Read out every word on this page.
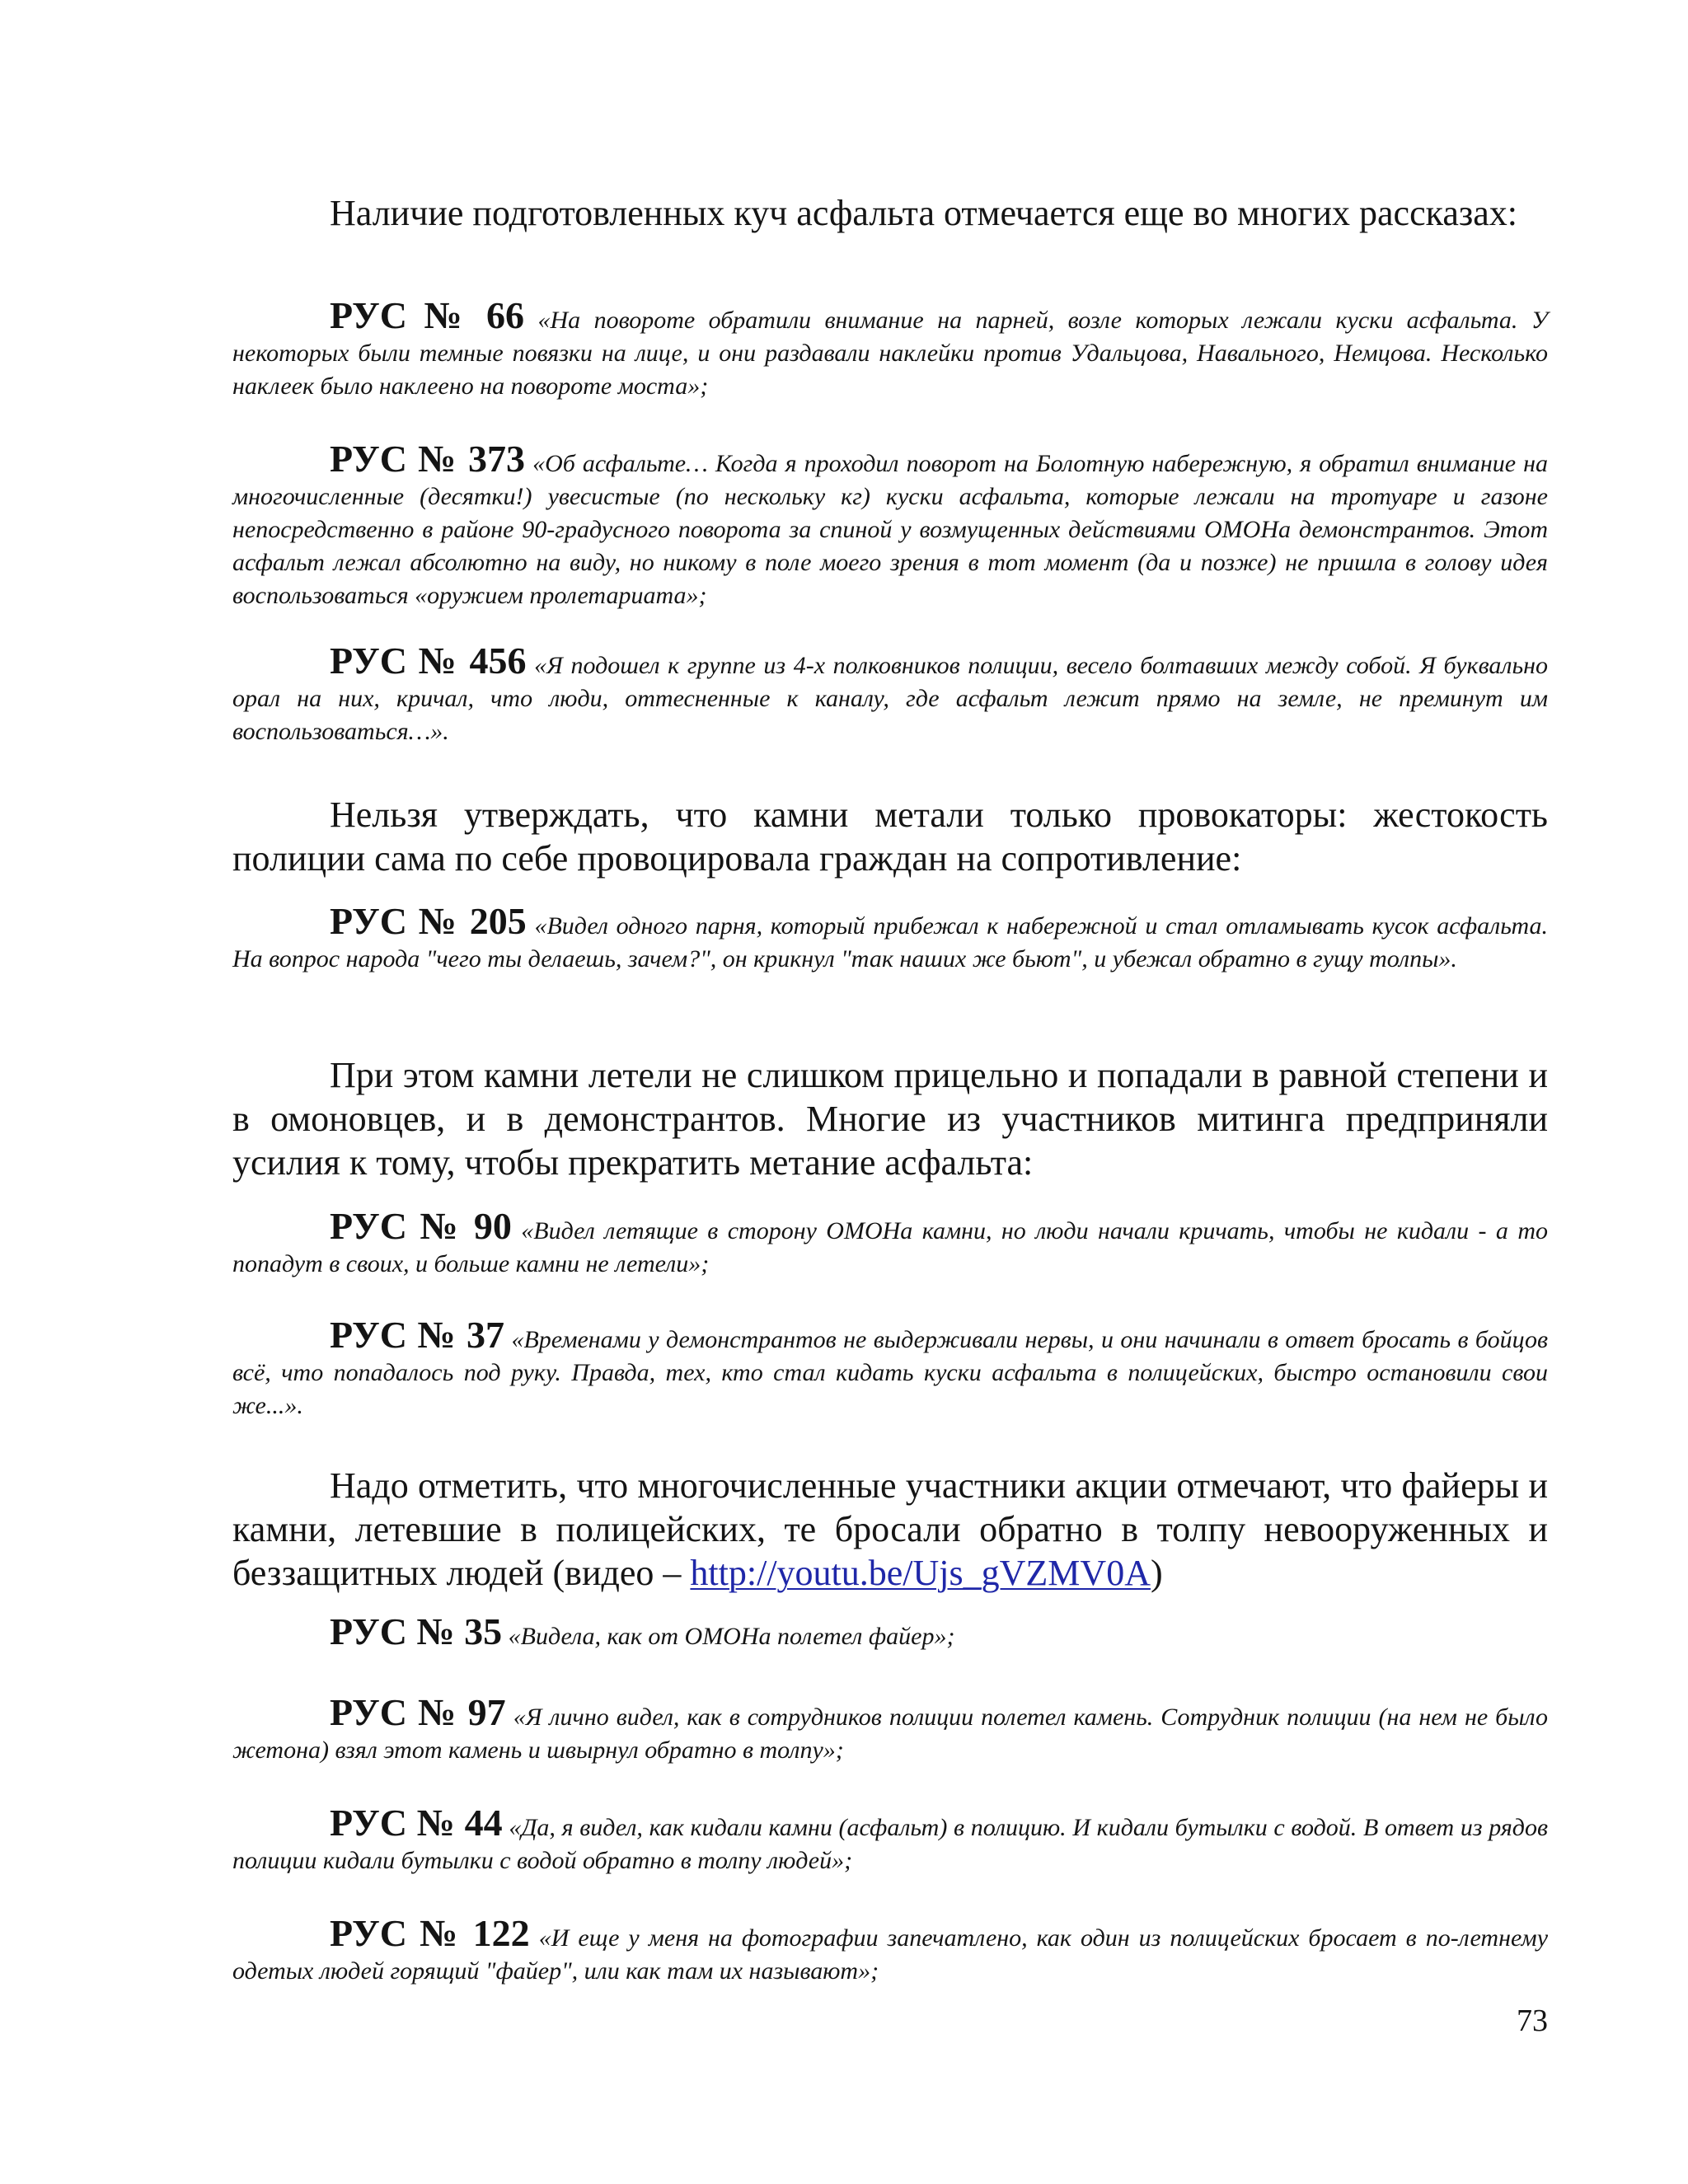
Наличие подготовленных куч асфальта отмечается еще во многих рассказах:

РУС № 66 «На повороте обратили внимание на парней, возле которых лежали куски асфальта. У некоторых были темные повязки на лице, и они раздавали наклейки против Удальцова, Навального, Немцова. Несколько наклеек было наклеено на повороте моста»;

РУС № 373 «Об асфальте… Когда я проходил поворот на Болотную набережную, я обратил внимание на многочисленные (десятки!) увесистые (по нескольку кг) куски асфальта, которые лежали на тротуаре и газоне непосредственно в районе 90-градусного поворота за спиной у возмущенных действиями ОМОНа демонстрантов. Этот асфальт лежал абсолютно на виду, но никому в поле моего зрения в тот момент (да и позже) не пришла в голову идея воспользоваться «оружием пролетариата»;

РУС № 456 «Я подошел к группе из 4-х полковников полиции, весело болтавших между собой. Я буквально орал на них, кричал, что люди, оттесненные к каналу, где асфальт лежит прямо на земле, не преминут им воспользоваться…».

Нельзя утверждать, что камни метали только провокаторы: жестокость полиции сама по себе провоцировала граждан на сопротивление:

РУС № 205 «Видел одного парня, который прибежал к набережной и стал отламывать кусок асфальта. На вопрос народа "чего ты делаешь, зачем?", он крикнул "так наших же бьют", и убежал обратно в гущу толпы».

При этом камни летели не слишком прицельно и попадали в равной степени и в омоновцев, и в демонстрантов. Многие из участников митинга предприняли усилия к тому, чтобы прекратить метание асфальта:

РУС № 90 «Видел летящие в сторону ОМОНа камни, но люди начали кричать, чтобы не кидали - а то попадут в своих, и больше камни не летели»;

РУС № 37 «Временами у демонстрантов не выдерживали нервы, и они начинали в ответ бросать в бойцов всё, что попадалось под руку. Правда, тех, кто стал кидать куски асфальта в полицейских, быстро остановили свои же...».

Надо отметить, что многочисленные участники акции отмечают, что файеры и камни, летевшие в полицейских, те бросали обратно в толпу невооруженных и беззащитных людей (видео – http://youtu.be/Ujs_gVZMV0A)

РУС № 35 «Видела, как от ОМОНа полетел файер»;

РУС № 97 «Я лично видел, как в сотрудников полиции полетел камень. Сотрудник полиции (на нем не было жетона) взял этот камень и швырнул обратно в толпу»;

РУС № 44 «Да, я видел, как кидали камни (асфальт) в полицию. И кидали бутылки с водой. В ответ из рядов полиции кидали бутылки с водой обратно в толпу людей»;

РУС № 122 «И еще у меня на фотографии запечатлено, как один из полицейских бросает в по-летнему одетых людей горящий "файер", или как там их называют»;

73
